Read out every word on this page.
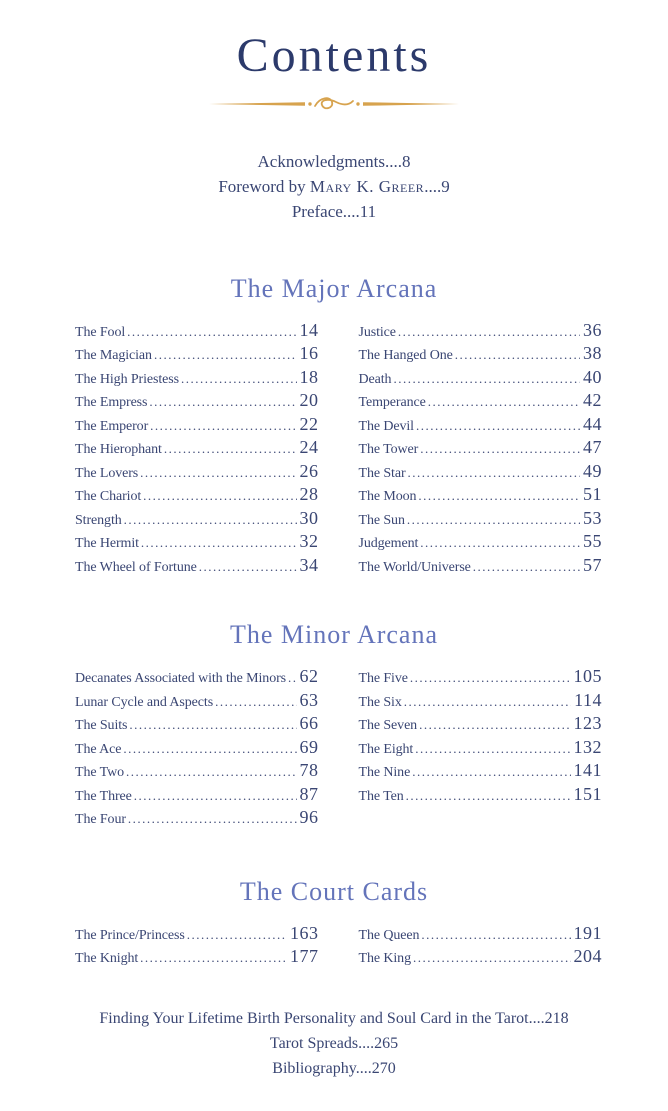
Contents
Acknowledgments....8
Foreword by Mary K. Greer....9
Preface....11
The Major Arcana
The Fool .....	14
The Magician .....	16
The High Priestess .....	18
The Empress .....	20
The Emperor .....	22
The Hierophant .....	24
The Lovers .....	26
The Chariot .....	28
Strength .....	30
The Hermit .....	32
The Wheel of Fortune .....	34
Justice .....	36
The Hanged One .....	38
Death .....	40
Temperance .....	42
The Devil .....	44
The Tower .....	47
The Star .....	49
The Moon .....	51
The Sun .....	53
Judgement .....	55
The World/Universe .....	57
The Minor Arcana
Decanates Associated with the Minors ..... 62
Lunar Cycle and Aspects .....	63
The Suits .....	66
The Ace .....	69
The Two .....	78
The Three .....	87
The Four .....	96
The Five .....	105
The Six .....	114
The Seven .....	123
The Eight .....	132
The Nine .....	141
The Ten .....	151
The Court Cards
The Prince/Princess .....	163
The Knight .....	177
The Queen .....	191
The King .....	204
Finding Your Lifetime Birth Personality and Soul Card in the Tarot....218
Tarot Spreads....265
Bibliography....270
